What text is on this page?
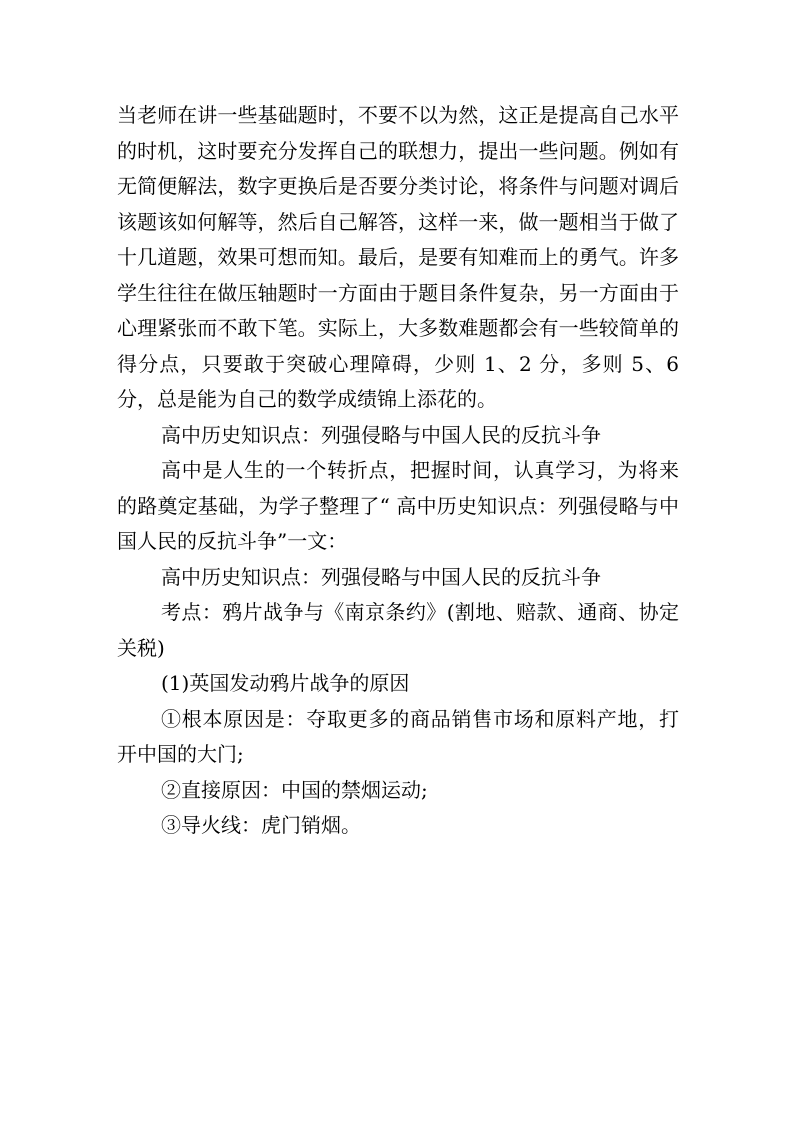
当老师在讲一些基础题时，不要不以为然，这正是提高自己水平的时机，这时要充分发挥自己的联想力，提出一些问题。例如有无简便解法，数字更换后是否要分类讨论，将条件与问题对调后该题该如何解等，然后自己解答，这样一来，做一题相当于做了十几道题，效果可想而知。最后，是要有知难而上的勇气。许多学生往往在做压轴题时一方面由于题目条件复杂，另一方面由于心理紧张而不敢下笔。实际上，大多数难题都会有一些较简单的得分点，只要敢于突破心理障碍，少则 1、2 分，多则 5、6 分，总是能为自己的数学成绩锦上添花的。

高中历史知识点：列强侵略与中国人民的反抗斗争

高中是人生的一个转折点，把握时间，认真学习，为将来的路奠定基础，为学子整理了“ 高中历史知识点：列强侵略与中国人民的反抗斗争”一文：

高中历史知识点：列强侵略与中国人民的反抗斗争

考点：鸦片战争与《南京条约》(割地、赔款、通商、协定关税)

(1)英国发动鸦片战争的原因

①根本原因是：夺取更多的商品销售市场和原料产地，打开中国的大门;

②直接原因：中国的禁烟运动;

③导火线：虎门销烟。
